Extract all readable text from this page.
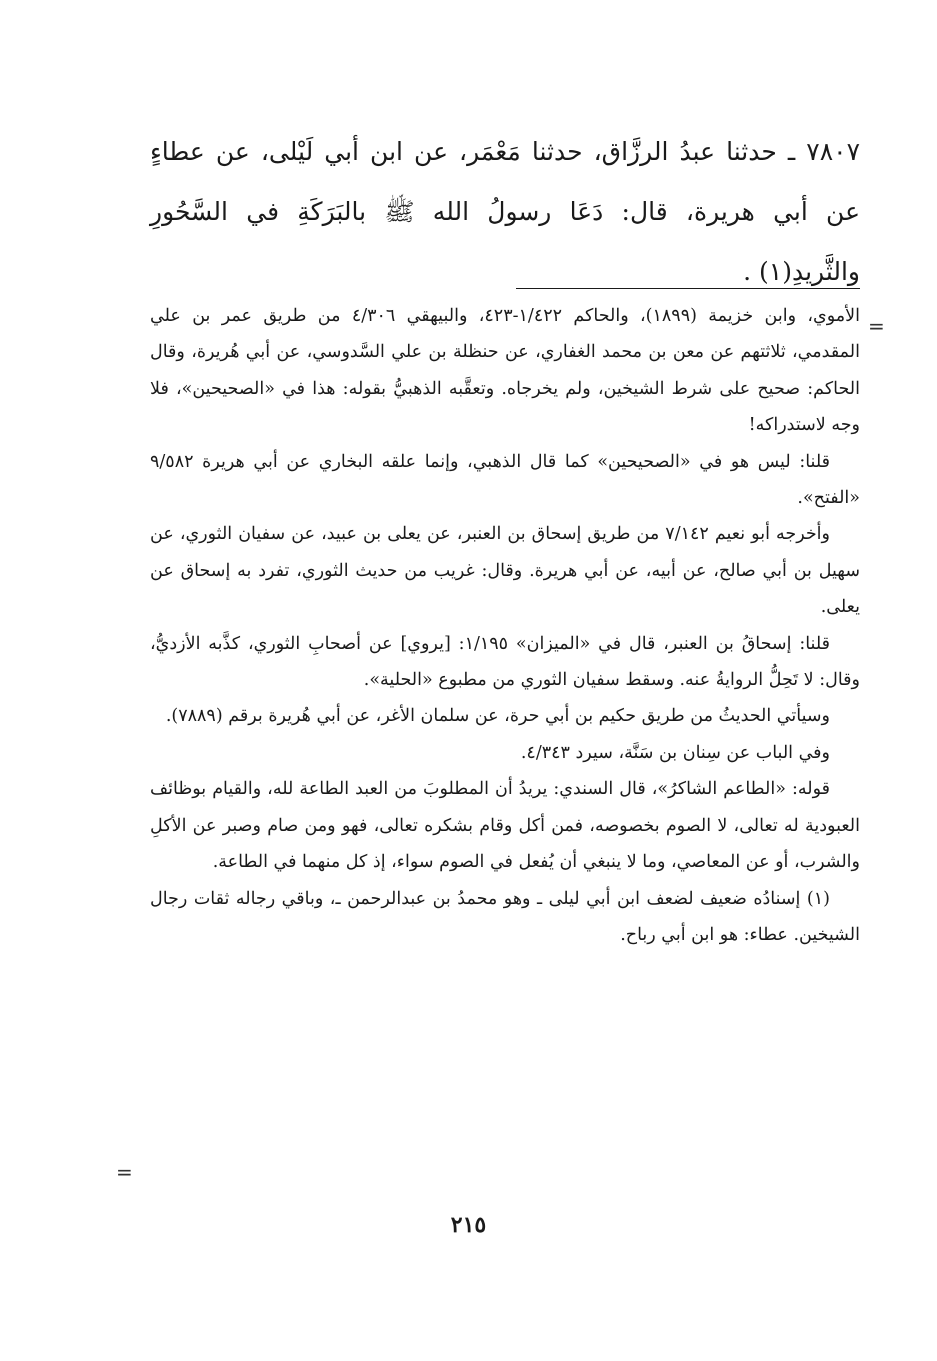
٧٨٠٧ ـ حدثنا عبدُ الرزَّاق، حدثنا مَعْمَر، عن ابن أبي لَيْلى، عن عطاءٍ عن أبي هريرة، قال: دَعَا رسولُ الله ﷺ بالبَرَكَةِ في السَّحُورِ والثَّريدِ(١) .

=

الأموي، وابن خزيمة (١٨٩٩)، والحاكم ١/٤٢٢-٤٢٣، والبيهقي ٤/٣٠٦ من طريق عمر بن علي المقدمي، ثلاثتهم عن معن بن محمد الغفاري، عن حنظلة بن علي السَّدوسي، عن أبي هُريرة، وقال الحاكم: صحيح على شرط الشيخين، ولم يخرجاه. وتعقَّبه الذهبيُّ بقوله: هذا في «الصحيحين»، فلا وجه لاستدراكه!

قلنا: ليس هو في «الصحيحين» كما قال الذهبي، وإنما علقه البخاري عن أبي هريرة ٩/٥٨٢ «الفتح».

وأخرجه أبو نعيم ٧/١٤٢ من طريق إسحاق بن العنبر، عن يعلى بن عبيد، عن سفيان الثوري، عن سهيل بن أبي صالح، عن أبيه، عن أبي هريرة. وقال: غريب من حديث الثوري، تفرد به إسحاق عن يعلى.

قلنا: إسحاقُ بن العنبر، قال في «الميزان» ١/١٩٥: [يروي] عن أصحابِ الثوري، كذَّبه الأزديُّ، وقال: لا تَحِلُّ الروايةُ عنه. وسقط سفيان الثوري من مطبوع «الحلية».

وسيأتي الحديثُ من طريق حكيم بن أبي حرة، عن سلمان الأغر، عن أبي هُريرة برقم (٧٨٨٩).

وفي الباب عن سِنان بن سَنَّة، سيرد ٤/٣٤٣.

قوله: «الطاعم الشاكرُ»، قال السندي: يريدُ أن المطلوبَ من العبد الطاعة لله، والقيام بوظائف العبودية له تعالى، لا الصوم بخصوصه، فمن أكل وقام بشكره تعالى، فهو ومن صام وصبر عن الأكلِ والشرب، أو عن المعاصي، وما لا ينبغي أن يُفعل في الصوم سواء، إذ كل منهما في الطاعة.

(١) إسنادُه ضعيف لضعف ابن أبي ليلى ـ وهو محمدُ بن عبدالرحمن ـ، وباقي رجاله ثقات رجال الشيخين. عطاء: هو ابن أبي رباح.

=
٢١٥
